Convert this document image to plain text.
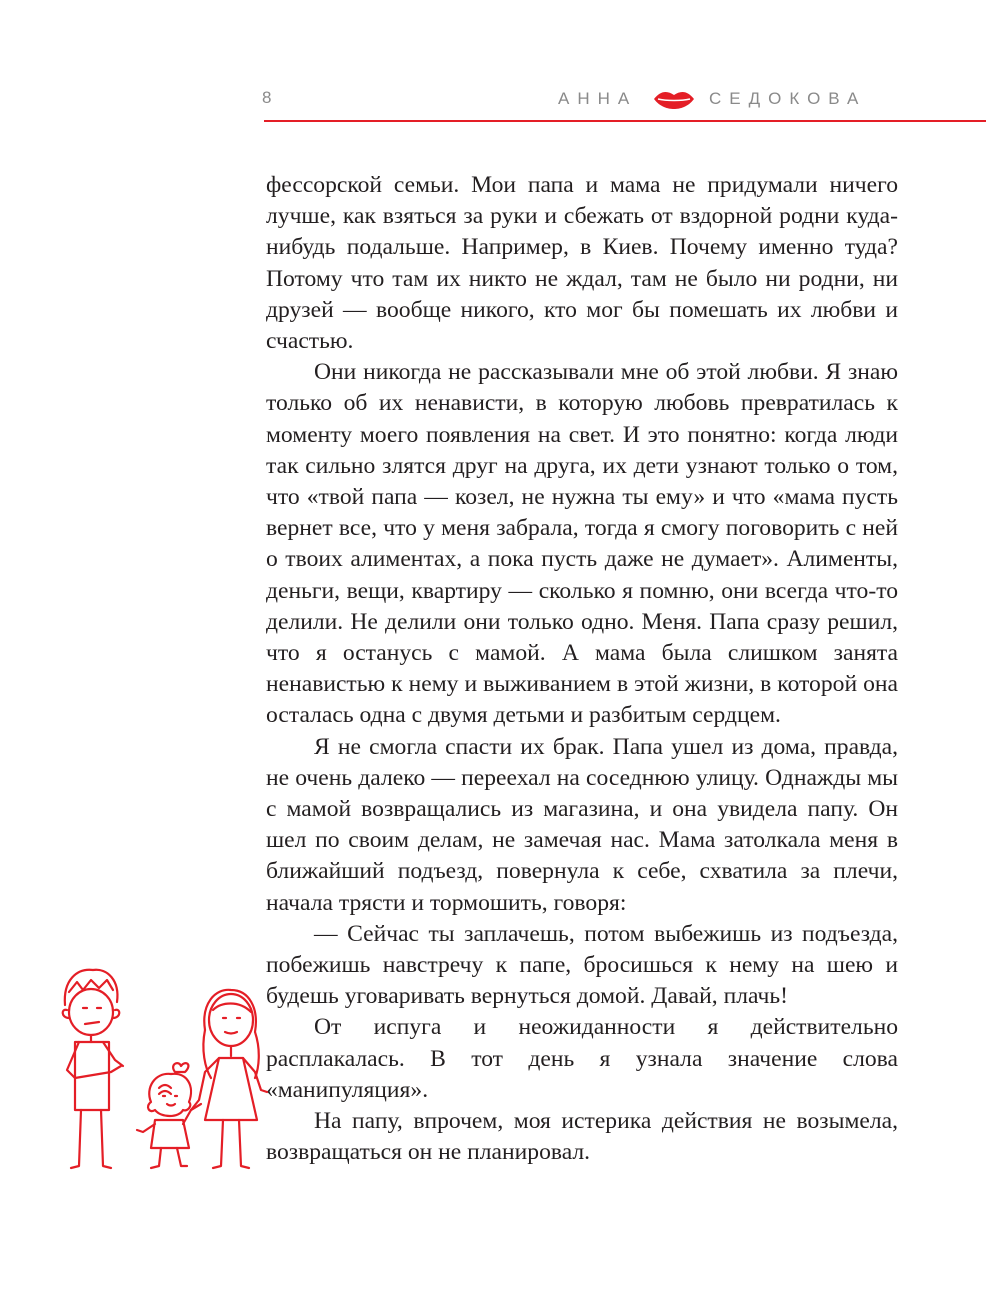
8	АННА	СЕДОКОВА

фессорской семьи. Мои папа и мама не придумали ничего лучше, как взяться за руки и сбежать от вздорной родни куда-нибудь подальше. Например, в Киев. Почему именно туда? Потому что там их никто не ждал, там не было ни родни, ни друзей — вообще никого, кто мог бы помешать их любви и счастью.

Они никогда не рассказывали мне об этой любви. Я знаю только об их ненависти, в которую любовь превратилась к моменту моего появления на свет. И это понятно: когда люди так сильно злятся друг на друга, их дети узнают только о том, что «твой папа — козел, не нужна ты ему» и что «мама пусть вернет все, что у меня забрала, тогда я смогу поговорить с ней о твоих алиментах, а пока пусть даже не думает». Алименты, деньги, вещи, квартиру — сколько я помню, они всегда что-то делили. Не делили они только одно. Меня. Папа сразу решил, что я останусь с мамой. А мама была слишком занята ненавистью к нему и выживанием в этой жизни, в которой она осталась одна с двумя детьми и разбитым сердцем.

Я не смогла спасти их брак. Папа ушел из дома, правда, не очень далеко — переехал на соседнюю улицу. Однажды мы с мамой возвращались из магазина, и она увидела папу. Он шел по своим делам, не замечая нас. Мама затолкала меня в ближайший подъезд, повернула к себе, схватила за плечи, начала трясти и тормошить, говоря:

— Сейчас ты заплачешь, потом выбежишь из подъезда, побежишь навстречу к папе, бросишься к нему на шею и будешь уговаривать вернуться домой. Давай, плачь!

От испуга и неожиданности я действительно расплакалась. В тот день я узнала значение слова «манипуляция».

На папу, впрочем, моя истерика действия не возымела, возвращаться он не планировал.
